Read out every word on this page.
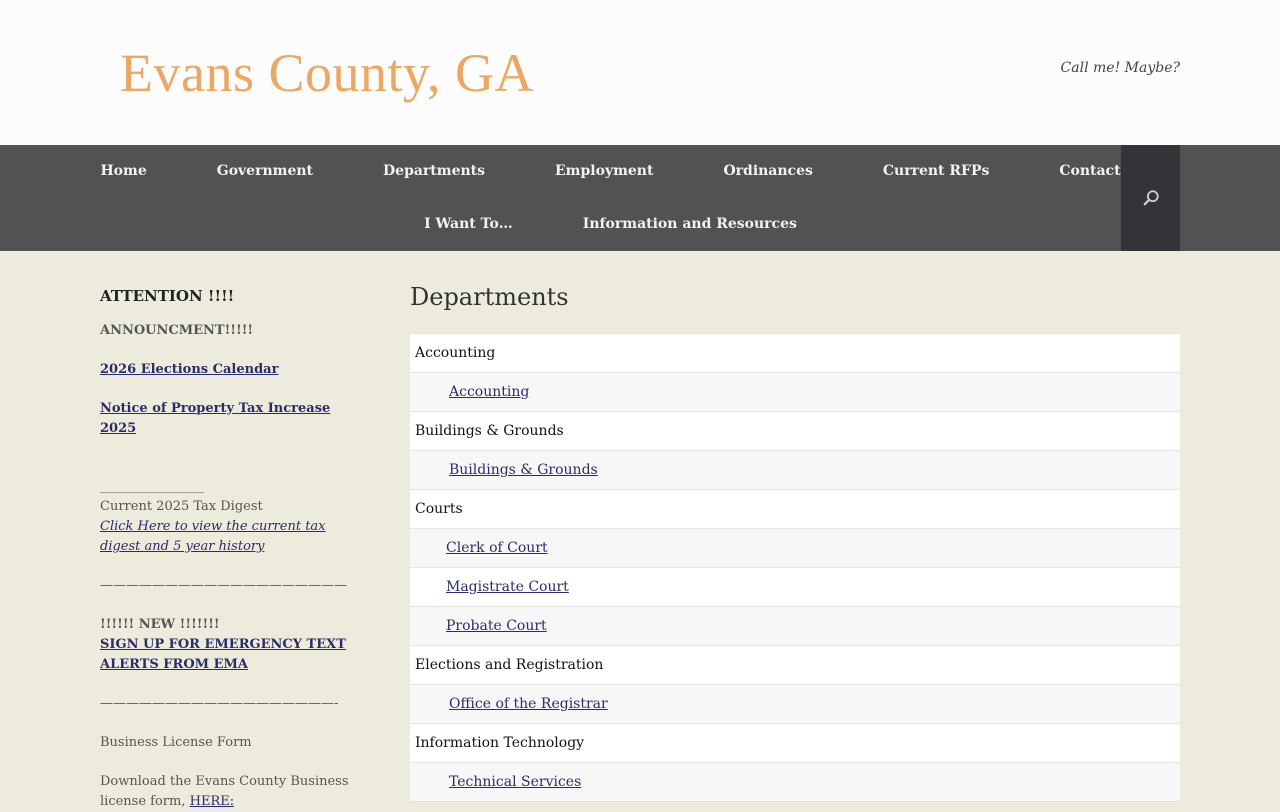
Evans County, GA	Call me! Maybe?
Home	Government	Departments	Employment	Ordinances	Current RFPs	Contact
I Want To…	Information and Resources
ATTENTION !!!!

ANNOUNCMENT!!!!!

2026 Elections Calendar

Notice of Property Tax Increase 2025

________________

Current 2025 Tax Digest

Click Here to view the current tax digest and 5 year history

———————————————————

!!!!!! NEW !!!!!!!

SIGN UP FOR EMERGENCY TEXT ALERTS FROM EMA

——————————————————-

Business License Form

Download the Evans County Business license form, HERE:

Departments
Accounting
Accounting
Buildings & Grounds
Buildings & Grounds
Courts
Clerk of Court
Magistrate Court
Probate Court
Elections and Registration
Office of the Registrar
Information Technology
Technical Services
